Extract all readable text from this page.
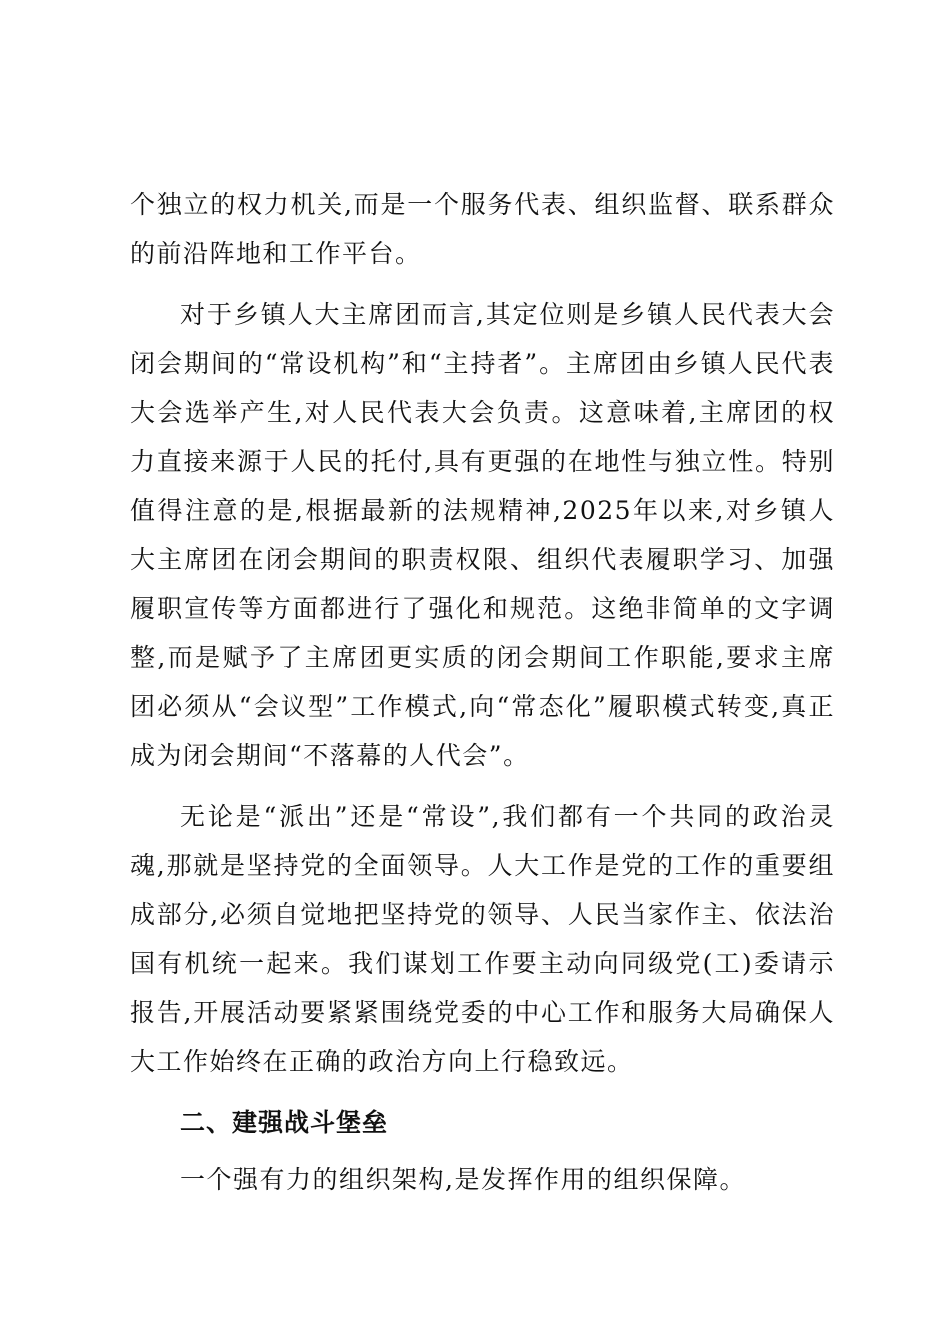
个独立的权力机关,而是一个服务代表、组织监督、联系群众的前沿阵地和工作平台。

对于乡镇人大主席团而言,其定位则是乡镇人民代表大会闭会期间的“常设机构”和“主持者”。主席团由乡镇人民代表大会选举产生,对人民代表大会负责。这意味着,主席团的权力直接来源于人民的托付,具有更强的在地性与独立性。特别值得注意的是,根据最新的法规精神,2025年以来,对乡镇人大主席团在闭会期间的职责权限、组织代表履职学习、加强履职宣传等方面都进行了强化和规范。这绝非简单的文字调整,而是赋予了主席团更实质的闭会期间工作职能,要求主席团必须从“会议型”工作模式,向“常态化”履职模式转变,真正成为闭会期间“不落幕的人代会”。

无论是“派出”还是“常设”,我们都有一个共同的政治灵魂,那就是坚持党的全面领导。人大工作是党的工作的重要组成部分,必须自觉地把坚持党的领导、人民当家作主、依法治国有机统一起来。我们谋划工作要主动向同级党(工)委请示报告,开展活动要紧紧围绕党委的中心工作和服务大局确保人大工作始终在正确的政治方向上行稳致远。

二、建强战斗堡垒

一个强有力的组织架构,是发挥作用的组织保障。
